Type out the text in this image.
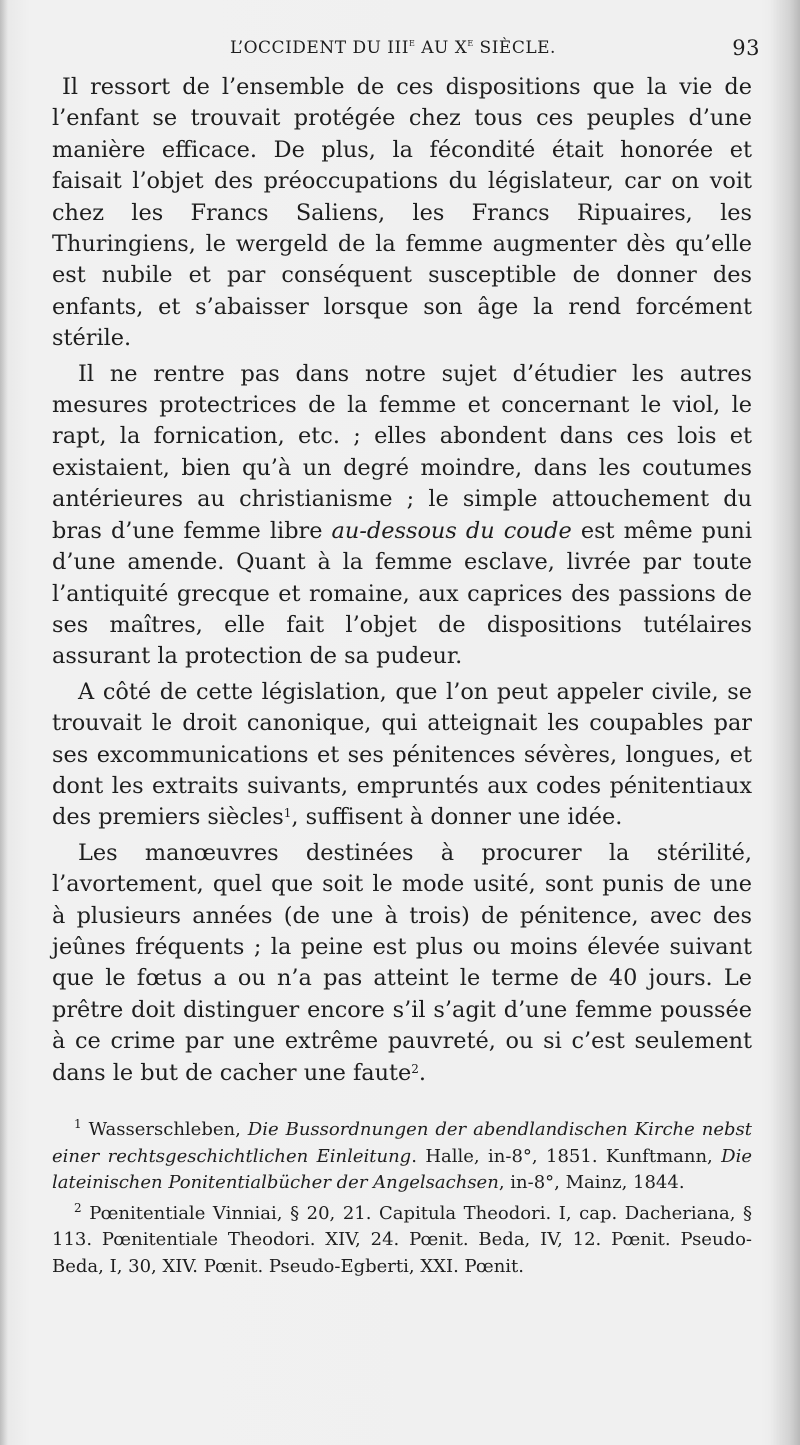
L’OCCIDENT DU IIIe AU Xe SIÈCLE.	93

Il ressort de l’ensemble de ces dispositions que la vie de l’enfant se trouvait protégée chez tous ces peuples d’une manière efficace. De plus, la fécondité était honorée et faisait l’objet des préoccupations du législateur, car on voit chez les Francs Saliens, les Francs Ripuaires, les Thuringiens, le wergeld de la femme augmenter dès qu’elle est nubile et par conséquent susceptible de donner des enfants, et s’abaisser lorsque son âge la rend forcément stérile.

Il ne rentre pas dans notre sujet d’étudier les autres mesures protectrices de la femme et concernant le viol, le rapt, la fornication, etc. ; elles abondent dans ces lois et existaient, bien qu’à un degré moindre, dans les coutumes antérieures au christianisme ; le simple attouchement du bras d’une femme libre au-dessous du coude est même puni d’une amende. Quant à la femme esclave, livrée par toute l’antiquité grecque et romaine, aux caprices des passions de ses maîtres, elle fait l’objet de dispositions tutélaires assurant la protection de sa pudeur.

A côté de cette législation, que l’on peut appeler civile, se trouvait le droit canonique, qui atteignait les coupables par ses excommunications et ses pénitences sévères, longues, et dont les extraits suivants, empruntés aux codes pénitentiaux des premiers siècles$^1$, suffisent à donner une idée.

Les manœuvres destinées à procurer la stérilité, l’avortement, quel que soit le mode usité, sont punis de une à plusieurs années (de une à trois) de pénitence, avec des jeûnes fréquents ; la peine est plus ou moins élevée suivant que le fœtus a ou n’a pas atteint le terme de 40 jours. Le prêtre doit distinguer encore s’il s’agit d’une femme poussée à ce crime par une extrême pauvreté, ou si c’est seulement dans le but de cacher une faute$^2$.

$^1$ Wasserschleben, Die Bussordnungen der abendlandischen Kirche nebst einer rechtsgeschichtlichen Einleitung. Halle, in-8°, 1851. Kunftmann, Die lateinischen Ponitentialbücher der Angelsachsen, in-8°, Mainz, 1844.

$^2$ Pœnitentiale Vinniai, § 20, 21. Capitula Theodori. I, cap. Dacheriana, § 113. Pœnitentiale Theodori. XIV, 24. Pœnit. Beda, IV, 12. Pœnit. Pseudo-Beda, I, 30, XIV. Pœnit. Pseudo-Egberti, XXI. Pœnit.
